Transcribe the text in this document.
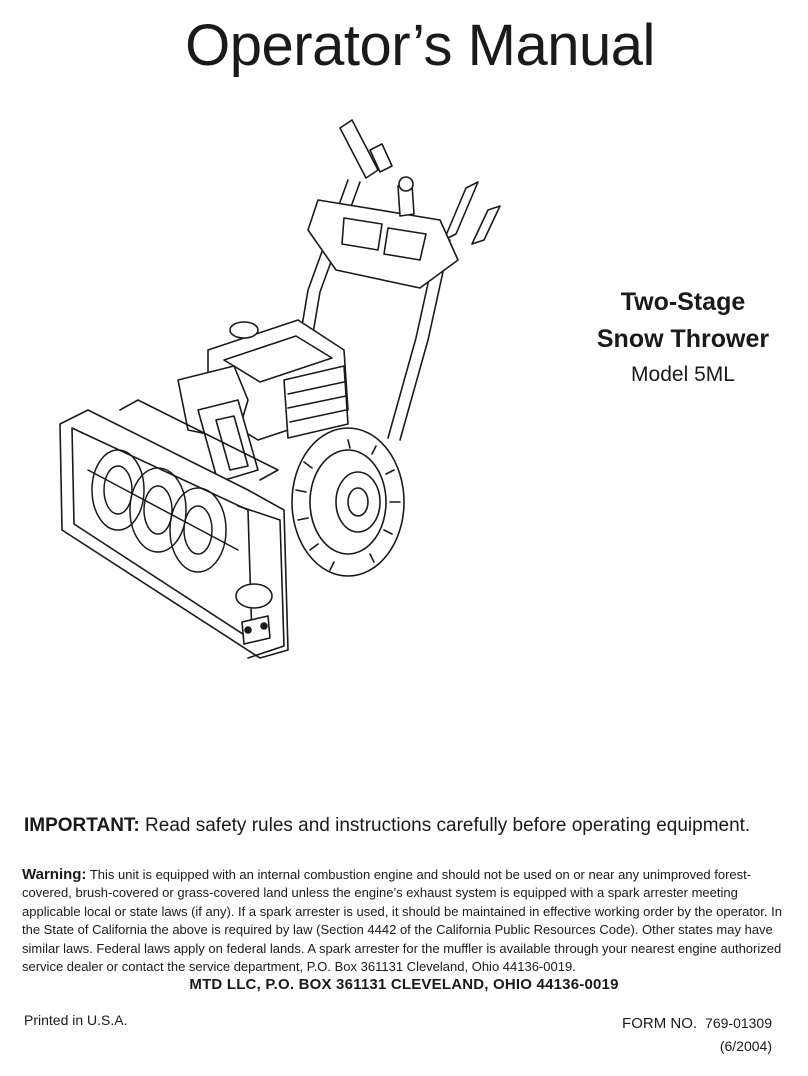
Operator’s Manual
Two-Stage
Snow Thrower
Model 5ML
IMPORTANT: Read safety rules and instructions carefully before operating equipment.
Warning: This unit is equipped with an internal combustion engine and should not be used on or near any unimproved forest-covered, brush-covered or grass-covered land unless the engine’s exhaust system is equipped with a spark arrester meeting applicable local or state laws (if any). If a spark arrester is used, it should be maintained in effective working order by the operator. In the State of California the above is required by law (Section 4442 of the California Public Resources Code). Other states may have similar laws. Federal laws apply on federal lands. A spark arrester for the muffler is available through your nearest engine authorized service dealer or contact the service department, P.O. Box 361131 Cleveland, Ohio 44136-0019.
MTD LLC, P.O. BOX 361131 CLEVELAND, OHIO 44136-0019
Printed in U.S.A.	FORM NO. 769-01309
(6/2004)
